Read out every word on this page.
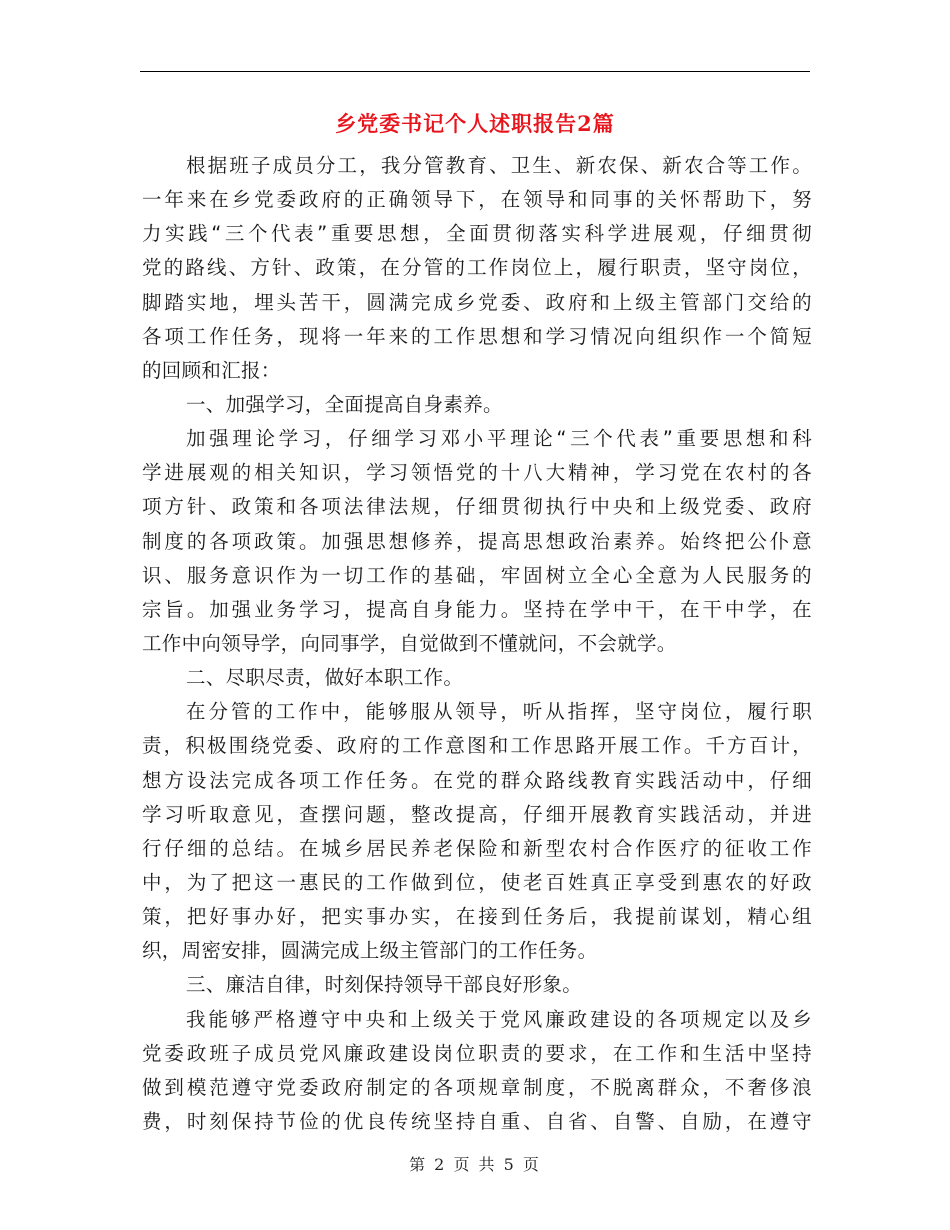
乡党委书记个人述职报告2篇
根据班子成员分工，我分管教育、卫生、新农保、新农合等工作。
一年来在乡党委政府的正确领导下，在领导和同事的关怀帮助下，努
力实践“三个代表”重要思想，全面贯彻落实科学进展观，仔细贯彻
党的路线、方针、政策，在分管的工作岗位上，履行职责，坚守岗位，
脚踏实地，埋头苦干，圆满完成乡党委、政府和上级主管部门交给的
各项工作任务，现将一年来的工作思想和学习情况向组织作一个简短
的回顾和汇报：
一、加强学习，全面提高自身素养。
加强理论学习，仔细学习邓小平理论“三个代表”重要思想和科
学进展观的相关知识，学习领悟党的十八大精神，学习党在农村的各
项方针、政策和各项法律法规，仔细贯彻执行中央和上级党委、政府
制度的各项政策。加强思想修养，提高思想政治素养。始终把公仆意
识、服务意识作为一切工作的基础，牢固树立全心全意为人民服务的
宗旨。加强业务学习，提高自身能力。坚持在学中干，在干中学，在
工作中向领导学，向同事学，自觉做到不懂就问，不会就学。
二、尽职尽责，做好本职工作。
在分管的工作中，能够服从领导，听从指挥，坚守岗位，履行职
责，积极围绕党委、政府的工作意图和工作思路开展工作。千方百计，
想方设法完成各项工作任务。在党的群众路线教育实践活动中，仔细
学习听取意见，查摆问题，整改提高，仔细开展教育实践活动，并进
行仔细的总结。在城乡居民养老保险和新型农村合作医疗的征收工作
中，为了把这一惠民的工作做到位，使老百姓真正享受到惠农的好政
策，把好事办好，把实事办实，在接到任务后，我提前谋划，精心组
织，周密安排，圆满完成上级主管部门的工作任务。
三、廉洁自律，时刻保持领导干部良好形象。
我能够严格遵守中央和上级关于党风廉政建设的各项规定以及乡
党委政班子成员党风廉政建设岗位职责的要求，在工作和生活中坚持
做到模范遵守党委政府制定的各项规章制度，不脱离群众，不奢侈浪
费，时刻保持节俭的优良传统坚持自重、自省、自警、自励，在遵守
第 2 页 共 5 页
